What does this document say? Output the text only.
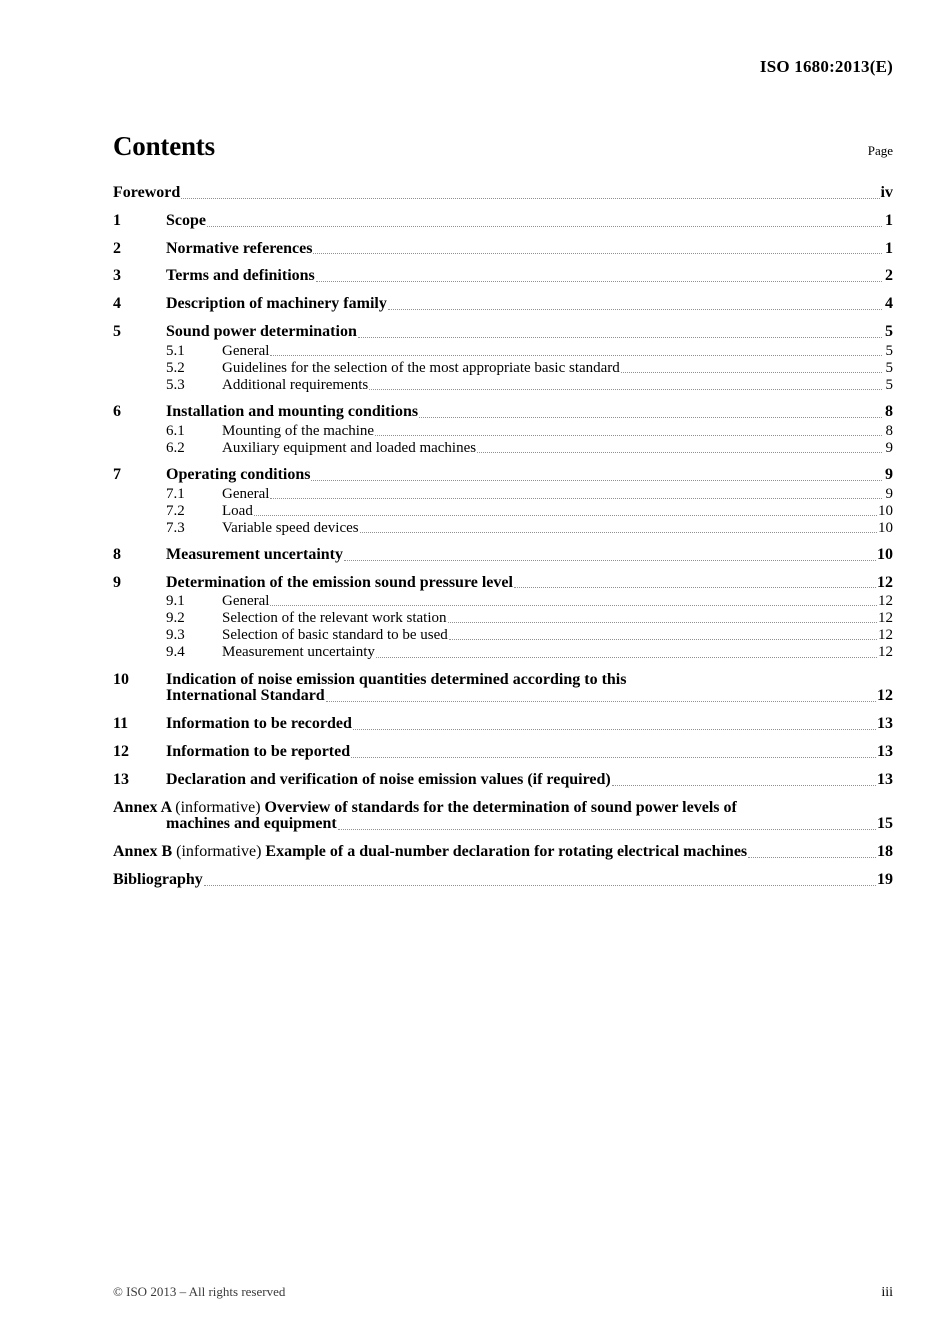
ISO 1680:2013(E)
Contents	Page
Foreword	iv
1	Scope	1
2	Normative references	1
3	Terms and definitions	2
4	Description of machinery family	4
5	Sound power determination	5
5.1	General	5
5.2	Guidelines for the selection of the most appropriate basic standard	5
5.3	Additional requirements	5
6	Installation and mounting conditions	8
6.1	Mounting of the machine	8
6.2	Auxiliary equipment and loaded machines	9
7	Operating conditions	9
7.1	General	9
7.2	Load	10
7.3	Variable speed devices	10
8	Measurement uncertainty	10
9	Determination of the emission sound pressure level	12
9.1	General	12
9.2	Selection of the relevant work station	12
9.3	Selection of basic standard to be used	12
9.4	Measurement uncertainty	12
10	Indication of noise emission quantities determined according to this
International Standard	12
11	Information to be recorded	13
12	Information to be reported	13
13	Declaration and verification of noise emission values (if required)	13
Annex A (informative) Overview of standards for the determination of sound power levels of
machines and equipment	15
Annex B (informative) Example of a dual-number declaration for rotating electrical machines	18
Bibliography	19
© ISO 2013 – All rights reserved	iii
